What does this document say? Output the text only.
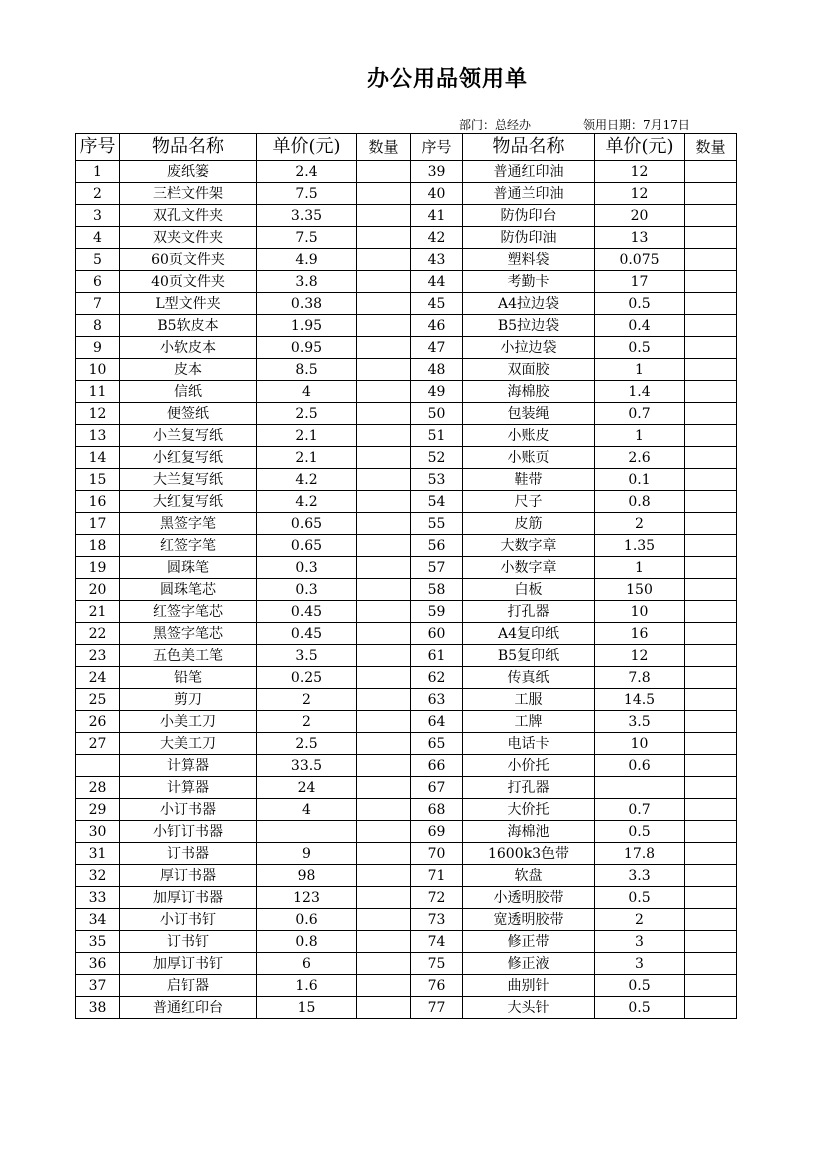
办公用品领用单
部门：总经办	领用日期：7月17日
序号	物品名称	单价(元)	数量	序号	物品名称	单价(元)	数量
1	废纸篓	2.4		39	普通红印油	12	
2	三栏文件架	7.5		40	普通兰印油	12	
3	双孔文件夹	3.35		41	防伪印台	20	
4	双夹文件夹	7.5		42	防伪印油	13	
5	60页文件夹	4.9		43	塑料袋	0.075	
6	40页文件夹	3.8		44	考勤卡	17	
7	L型文件夹	0.38		45	A4拉边袋	0.5	
8	B5软皮本	1.95		46	B5拉边袋	0.4	
9	小软皮本	0.95		47	小拉边袋	0.5	
10	皮本	8.5		48	双面胶	1	
11	信纸	4		49	海棉胶	1.4	
12	便签纸	2.5		50	包装绳	0.7	
13	小兰复写纸	2.1		51	小账皮	1	
14	小红复写纸	2.1		52	小账页	2.6	
15	大兰复写纸	4.2		53	鞋带	0.1	
16	大红复写纸	4.2		54	尺子	0.8	
17	黑签字笔	0.65		55	皮筋	2	
18	红签字笔	0.65		56	大数字章	1.35	
19	圆珠笔	0.3		57	小数字章	1	
20	圆珠笔芯	0.3		58	白板	150	
21	红签字笔芯	0.45		59	打孔器	10	
22	黑签字笔芯	0.45		60	A4复印纸	16	
23	五色美工笔	3.5		61	B5复印纸	12	
24	铅笔	0.25		62	传真纸	7.8	
25	剪刀	2		63	工服	14.5	
26	小美工刀	2		64	工牌	3.5	
27	大美工刀	2.5		65	电话卡	10	
	计算器	33.5		66	小价托	0.6	
28	计算器	24		67	打孔器		
29	小订书器	4		68	大价托	0.7	
30	小钉订书器			69	海棉池	0.5	
31	订书器	9		70	1600k3色带	17.8	
32	厚订书器	98		71	软盘	3.3	
33	加厚订书器	123		72	小透明胶带	0.5	
34	小订书钉	0.6		73	宽透明胶带	2	
35	订书钉	0.8		74	修正带	3	
36	加厚订书钉	6		75	修正液	3	
37	启钉器	1.6		76	曲别针	0.5	
38	普通红印台	15		77	大头针	0.5	
